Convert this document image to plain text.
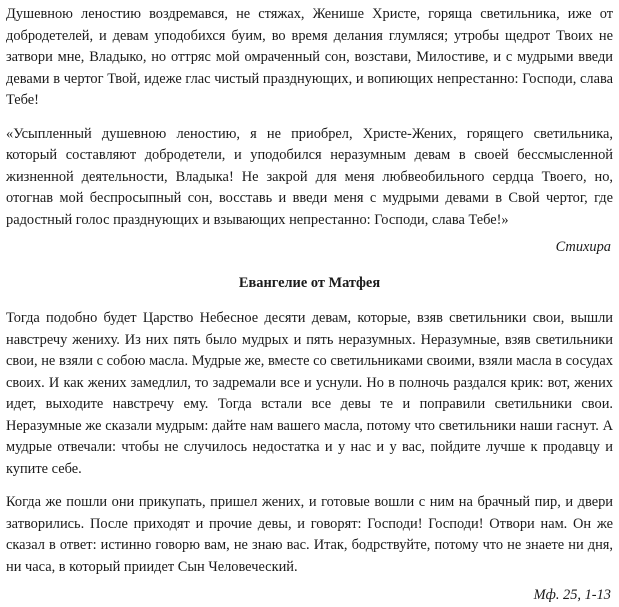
Душевною леностию воздремався, не стяжах, Женише Христе, горяща светильника, иже от добродетелей, и девам уподобихся буим, во время делания глумляся; утробы щедрот Твоих не затвори мне, Владыко, но оттряс мой омраченный сон, возстави, Милостиве, и с мудрыми введи девами в чертог Твой, идеже глас чистый празднующих, и вопиющих непрестанно: Господи, слава Тебе!

«Усыпленный душевною леностию, я не приобрел, Христе-Жених, горящего светильника, который составляют добродетели, и уподобился неразумным девам в своей бессмысленной жизненной деятельности, Владыка! Не закрой для меня любвеобильного сердца Твоего, но, отогнав мой беспросыпный сон, восставь и введи меня с мудрыми девами в Свой чертог, где радостный голос празднующих и взывающих непрестанно: Господи, слава Тебе!»

Стихира

Евангелие от Матфея

Тогда подобно будет Царство Небесное десяти девам, которые, взяв светильники свои, вышли навстречу жениху. Из них пять было мудрых и пять неразумных. Неразумные, взяв светильники свои, не взяли с собою масла. Мудрые же, вместе со светильниками своими, взяли масла в сосудах своих. И как жених замедлил, то задремали все и уснули. Но в полночь раздался крик: вот, жених идет, выходите навстречу ему. Тогда встали все девы те и поправили светильники свои. Неразумные же сказали мудрым: дайте нам вашего масла, потому что светильники наши гаснут. А мудрые отвечали: чтобы не случилось недостатка и у нас и у вас, пойдите лучше к продавцу и купите себе.

Когда же пошли они прикупать, пришел жених, и готовые вошли с ним на брачный пир, и двери затворились. После приходят и прочие девы, и говорят: Господи! Господи! Отвори нам. Он же сказал в ответ: истинно говорю вам, не знаю вас. Итак, бодрствуйте, потому что не знаете ни дня, ни часа, в который приидет Сын Человеческий.

Мф. 25, 1-13
